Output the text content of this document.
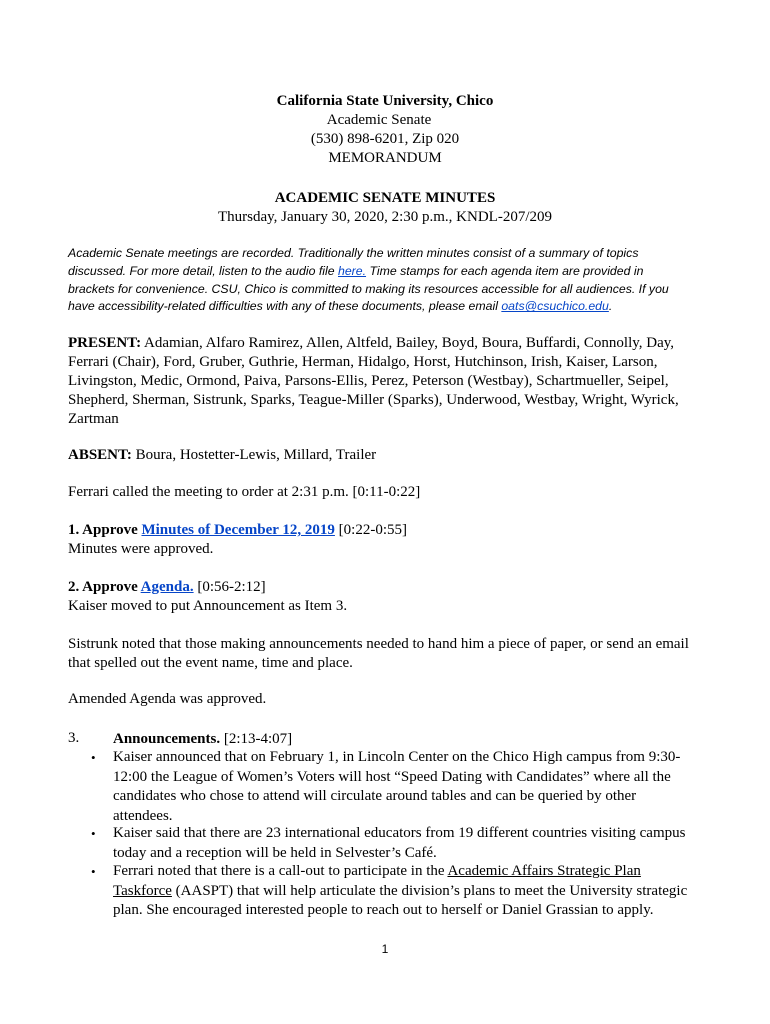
California State University, Chico
Academic Senate
(530) 898-6201, Zip 020
MEMORANDUM
ACADEMIC SENATE MINUTES
Thursday, January 30, 2020, 2:30 p.m., KNDL-207/209
Academic Senate meetings are recorded. Traditionally the written minutes consist of a summary of topics
discussed. For more detail, listen to the audio file here. Time stamps for each agenda item are provided in
brackets for convenience. CSU, Chico is committed to making its resources accessible for all audiences. If you
have accessibility-related difficulties with any of these documents, please email oats@csuchico.edu.
PRESENT: Adamian, Alfaro Ramirez, Allen, Altfeld, Bailey, Boyd, Boura, Buffardi, Connolly, Day,
Ferrari (Chair), Ford, Gruber, Guthrie, Herman, Hidalgo, Horst, Hutchinson, Irish, Kaiser, Larson,
Livingston, Medic, Ormond, Paiva, Parsons-Ellis, Perez, Peterson (Westbay), Schartmueller, Seipel,
Shepherd, Sherman, Sistrunk, Sparks, Teague-Miller (Sparks), Underwood, Westbay, Wright, Wyrick,
Zartman
ABSENT: Boura, Hostetter-Lewis, Millard, Trailer
Ferrari called the meeting to order at 2:31 p.m. [0:11-0:22]
1. Approve Minutes of December 12, 2019 [0:22-0:55]
Minutes were approved.
2. Approve Agenda. [0:56-2:12]
Kaiser moved to put Announcement as Item 3.
Sistrunk noted that those making announcements needed to hand him a piece of paper, or send an email
that spelled out the event name, time and place.
Amended Agenda was approved.
3. Announcements. [2:13-4:07]
• Kaiser announced that on February 1, in Lincoln Center on the Chico High campus from 9:30-
12:00 the League of Women’s Voters will host “Speed Dating with Candidates” where all the
candidates who chose to attend will circulate around tables and can be queried by other
attendees.
• Kaiser said that there are 23 international educators from 19 different countries visiting campus
today and a reception will be held in Selvester’s Café.
• Ferrari noted that there is a call-out to participate in the Academic Affairs Strategic Plan
Taskforce (AASPT) that will help articulate the division’s plans to meet the University strategic
plan. She encouraged interested people to reach out to herself or Daniel Grassian to apply.
1
